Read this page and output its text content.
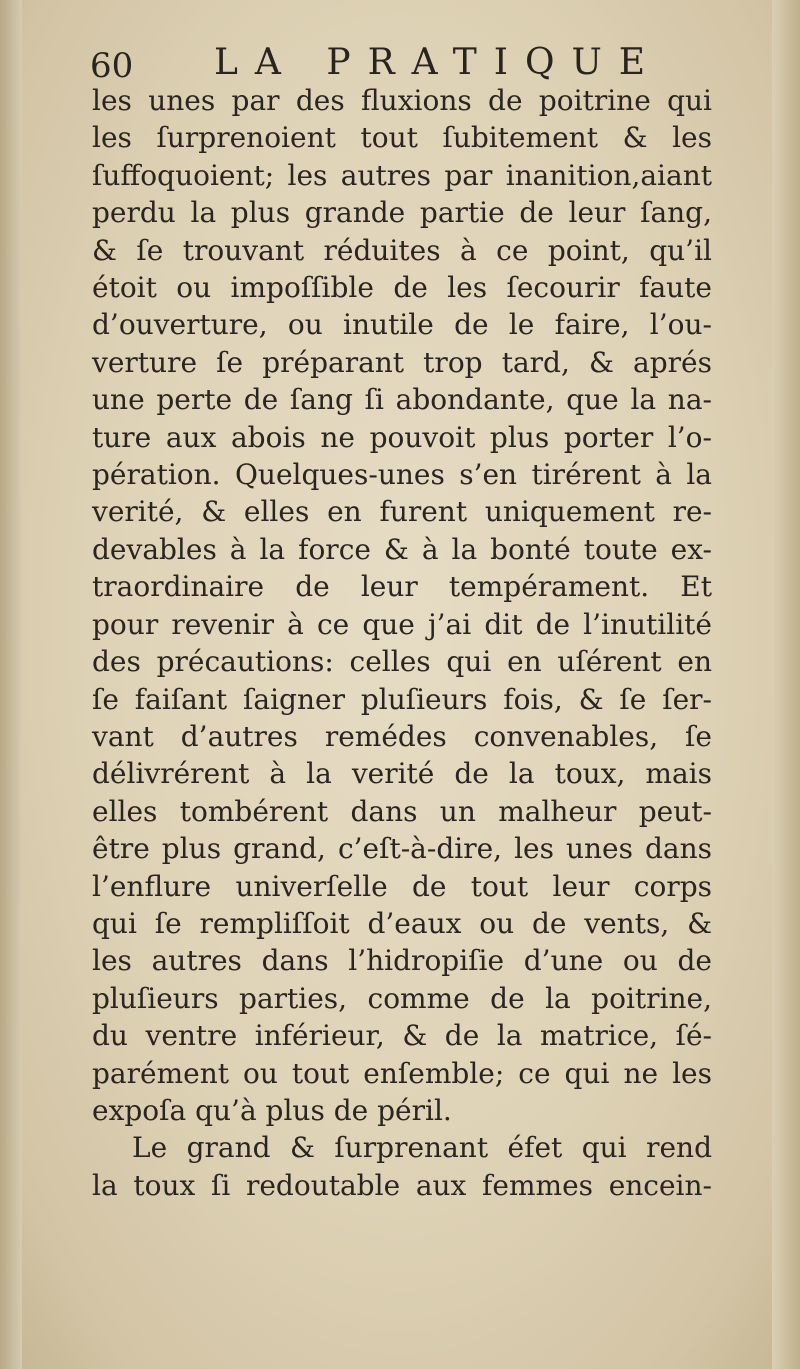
60 LA PRATIQUE
les unes par des fluxions de poitrine qui
les ſurprenoient tout ſubitement & les
ſuffoquoient; les autres par inanition,aiant
perdu la plus grande partie de leur ſang,
& ſe trouvant réduites à ce point, qu’il
étoit ou impoſſible de les ſecourir faute
d’ouverture, ou inutile de le faire, l’ou-
verture ſe préparant trop tard, & aprés
une perte de ſang ſi abondante, que la na-
ture aux abois ne pouvoit plus porter l’o-
pération. Quelques-unes s’en tirérent à la
verité, & elles en furent uniquement re-
devables à la force & à la bonté toute ex-
traordinaire de leur tempérament. Et
pour revenir à ce que j’ai dit de l’inutilité
des précautions: celles qui en uſérent en
ſe faiſant ſaigner pluſieurs fois, & ſe ſer-
vant d’autres remédes convenables, ſe
délivrérent à la verité de la toux, mais
elles tombérent dans un malheur peut-
être plus grand, c’eſt-à-dire, les unes dans
l’enflure univerſelle de tout leur corps
qui ſe rempliſſoit d’eaux ou de vents, &
les autres dans l’hidropiſie d’une ou de
pluſieurs parties, comme de la poitrine,
du ventre inférieur, & de la matrice, ſé-
parément ou tout enſemble; ce qui ne les
expoſa qu’à plus de péril.
Le grand & ſurprenant éfet qui rend
la toux ſi redoutable aux femmes encein-
